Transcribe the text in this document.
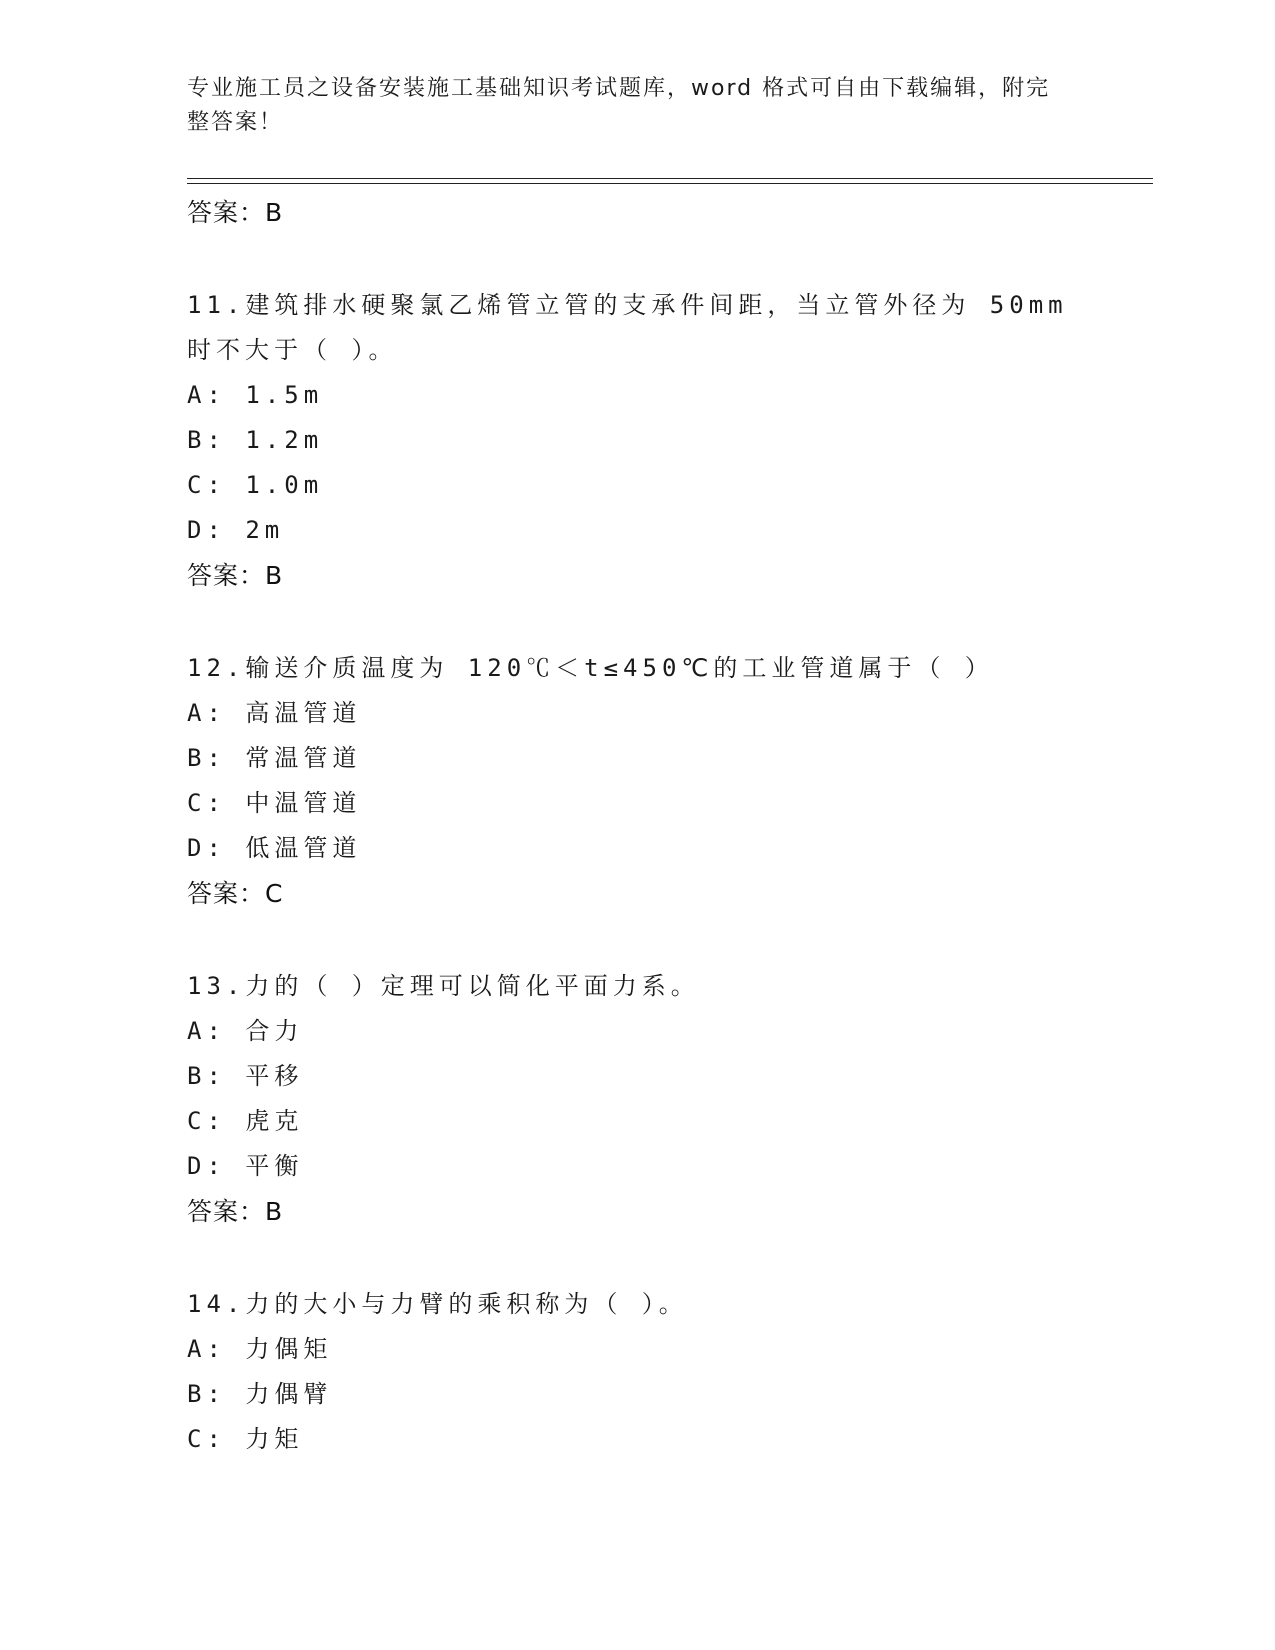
专业施工员之设备安装施工基础知识考试题库，word 格式可自由下载编辑，附完整答案！
答案：B
11.建筑排水硬聚氯乙烯管立管的支承件间距，当立管外径为 50mm 时不大于（ ）。
A: 1.5m
B: 1.2m
C: 1.0m
D: 2m
答案：B
12.输送介质温度为 120℃＜t≤450℃的工业管道属于（ ）
A: 高温管道
B: 常温管道
C: 中温管道
D: 低温管道
答案：C
13.力的（ ）定理可以简化平面力系。
A: 合力
B: 平移
C: 虎克
D: 平衡
答案：B
14.力的大小与力臂的乘积称为（ ）。
A: 力偶矩
B: 力偶臂
C: 力矩
